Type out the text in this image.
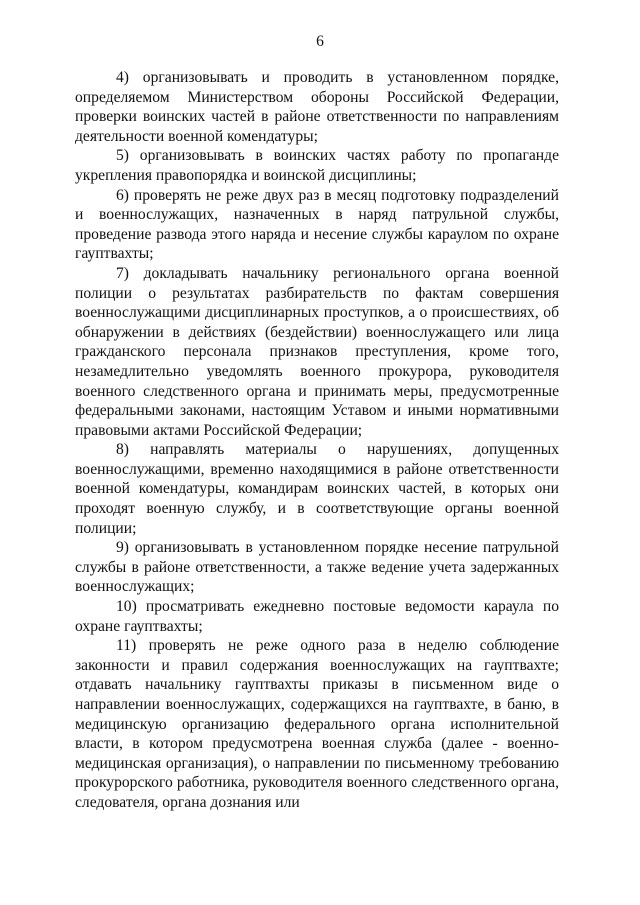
6

4) организовывать и проводить в установленном порядке, определяемом Министерством обороны Российской Федерации, проверки воинских частей в районе ответственности по направлениям деятельности военной комендатуры;

5) организовывать в воинских частях работу по пропаганде укрепления правопорядка и воинской дисциплины;

6) проверять не реже двух раз в месяц подготовку подразделений и военнослужащих, назначенных в наряд патрульной службы, проведение развода этого наряда и несение службы караулом по охране гауптвахты;

7) докладывать начальнику регионального органа военной полиции о результатах разбирательств по фактам совершения военнослужащими дисциплинарных проступков, а о происшествиях, об обнаружении в действиях (бездействии) военнослужащего или лица гражданского персонала признаков преступления, кроме того, незамедлительно уведомлять военного прокурора, руководителя военного следственного органа и принимать меры, предусмотренные федеральными законами, настоящим Уставом и иными нормативными правовыми актами Российской Федерации;

8) направлять материалы о нарушениях, допущенных военнослужащими, временно находящимися в районе ответственности военной комендатуры, командирам воинских частей, в которых они проходят военную службу, и в соответствующие органы военной полиции;

9) организовывать в установленном порядке несение патрульной службы в районе ответственности, а также ведение учета задержанных военнослужащих;

10) просматривать ежедневно постовые ведомости караула по охране гауптвахты;

11) проверять не реже одного раза в неделю соблюдение законности и правил содержания военнослужащих на гауптвахте; отдавать начальнику гауптвахты приказы в письменном виде о направлении военнослужащих, содержащихся на гауптвахте, в баню, в медицинскую организацию федерального органа исполнительной власти, в котором предусмотрена военная служба (далее - военно-медицинская организация), о направлении по письменному требованию прокурорского работника, руководителя военного следственного органа, следователя, органа дознания или
